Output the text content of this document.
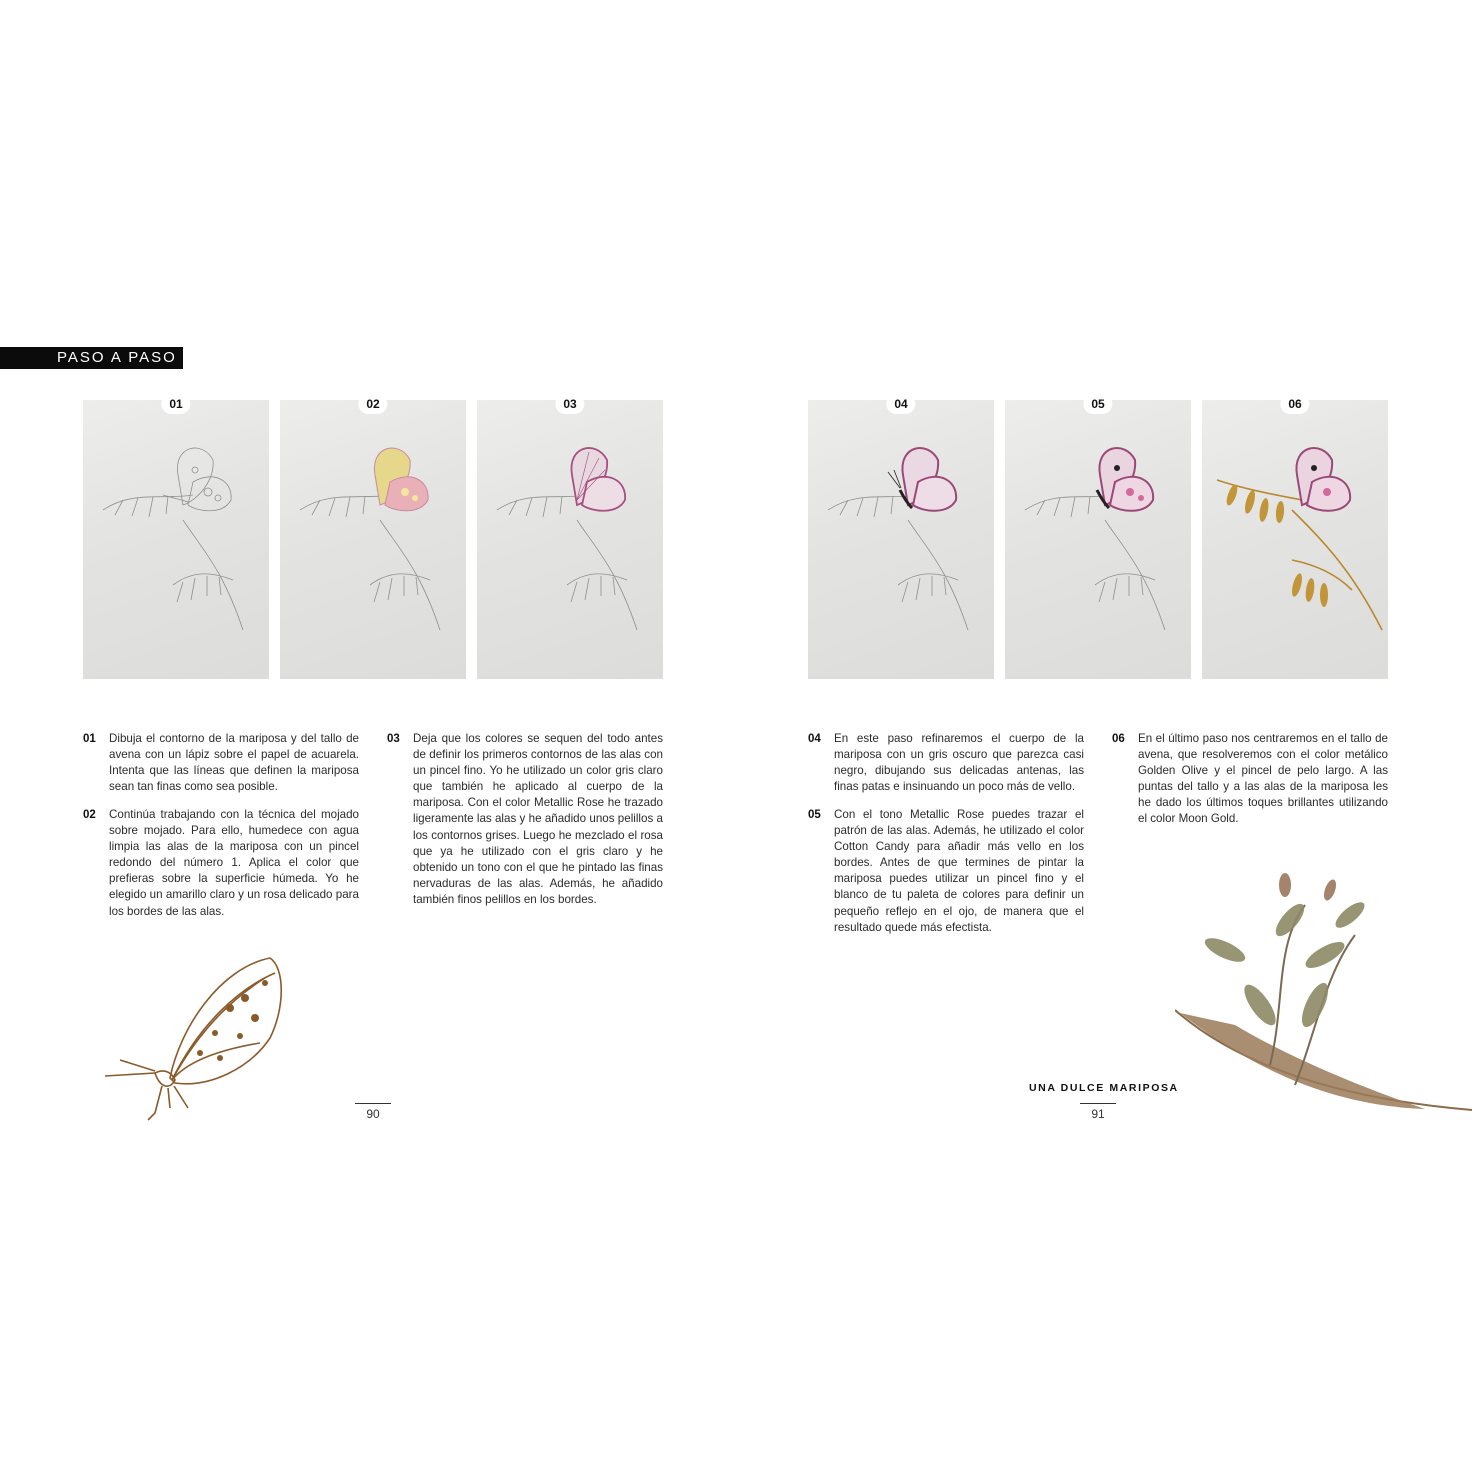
PASO A PASO
01	02	03	04	05	06
01 Dibuja el contorno de la mariposa y del tallo de avena con un lápiz sobre el papel de acuarela. Intenta que las líneas que definen la mariposa sean tan finas como sea posible.
02 Continúa trabajando con la técnica del mojado sobre mojado. Para ello, humedece con agua limpia las alas de la mariposa con un pincel redondo del número 1. Aplica el color que prefieras sobre la superficie húmeda. Yo he elegido un amarillo claro y un rosa delicado para los bordes de las alas.
03 Deja que los colores se sequen del todo antes de definir los primeros contornos de las alas con un pincel fino. Yo he utilizado un color gris claro que también he aplicado al cuerpo de la mariposa. Con el color Metallic Rose he trazado ligeramente las alas y he añadido unos pelillos a los contornos grises. Luego he mezclado el rosa que ya he utilizado con el gris claro y he obtenido un tono con el que he pintado las finas nervaduras de las alas. Además, he añadido también finos pelillos en los bordes.
04 En este paso refinaremos el cuerpo de la mariposa con un gris oscuro que parezca casi negro, dibujando sus delicadas antenas, las finas patas e insinuando un poco más de vello.
05 Con el tono Metallic Rose puedes trazar el patrón de las alas. Además, he utilizado el color Cotton Candy para añadir más vello en los bordes. Antes de que termines de pintar la mariposa puedes utilizar un pincel fino y el blanco de tu paleta de colores para definir un pequeño reflejo en el ojo, de manera que el resultado quede más efectista.
06 En el último paso nos centraremos en el tallo de avena, que resolveremos con el color metálico Golden Olive y el pincel de pelo largo. A las puntas del tallo y a las alas de la mariposa les he dado los últimos toques brillantes utilizando el color Moon Gold.
UNA DULCE MARIPOSA
90	91
